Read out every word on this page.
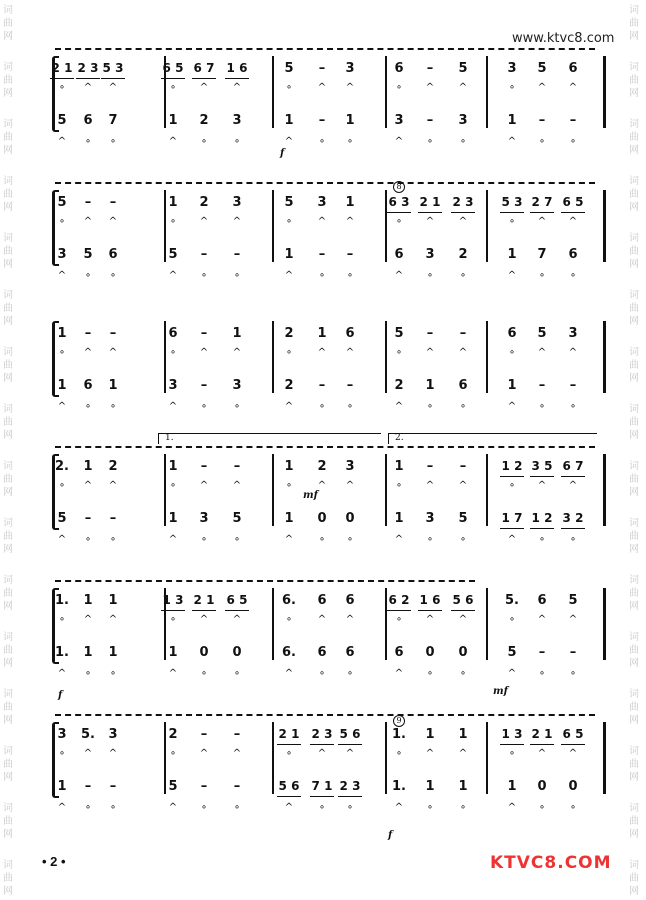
词
曲
网
词
曲
网
词
曲
网
词
曲
网
词
曲
网
词
曲
网
词
曲
网
词
曲
网
词
曲
网
词
曲
网
词
曲
网
词
曲
网
词
曲
网
词
曲
网
词
曲
网
词
曲
网
词
曲
网
词
曲
网
词
曲
网
词
曲
网
词
曲
网
词
曲
网
词
曲
网
词
曲
网
词
曲
网
词
曲
网
词
曲
网
词
曲
网
词
曲
网
词
曲
网
词
曲
网
词
曲
网
www.ktvc8.com
KTVC8.COM
• 2 •
8
9
1.	2.
f
mf
f	mf
f
2 1
∘
2 3
^
5 3
^
6 5
∘
6 7
^
1 6
^
5
∘
–
^
3
^
6
∘
–
^
5
^
3
∘
5
^
6
^
5
^
6
∘
7
∘
1
^
2
∘
3
∘
1
^
–
∘
1
∘
3
^
–
∘
3
∘
1
^
–
∘
–
∘
5
∘
–
^
–
^
1
∘
2
^
3
^
5
∘
3
^
1
^
6 3
∘
2 1
^
2 3
^
5 3
∘
2 7
^
6 5
^
3
^
5
∘
6
∘
5
^
–
∘
–
∘
1
^
–
∘
–
∘
6
^
3
∘
2
∘
1
^
7
∘
6
∘
1
∘
–
^
–
^
6
∘
–
^
1
^
2
∘
1
^
6
^
5
∘
–
^
–
^
6
∘
5
^
3
^
1
^
6
∘
1
∘
3
^
–
∘
3
∘
2
^
–
∘
–
∘
2
^
1
∘
6
∘
1
^
–
∘
–
∘
2.
∘
1
^
2
^
1
∘
–
^
–
^
1
∘
2
^
3
^
1
∘
–
^
–
^
1 2
∘
3 5
^
6 7
^
5
^
–
∘
–
∘
1
^
3
∘
5
∘
1
^
0
∘
0
∘
1
^
3
∘
5
∘
1 7
^
1 2
∘
3 2
∘
1.
∘
1
^
1
^
1 3
∘
2 1
^
6 5
^
6.
∘
6
^
6
^
6 2
∘
1 6
^
5 6
^
5.
∘
6
^
5
^
1.
^
1
∘
1
∘
1
^
0
∘
0
∘
6.
^
6
∘
6
∘
6
^
0
∘
0
∘
5
^
–
∘
–
∘
3
∘
5.
^
3
^
2
∘
–
^
–
^
2 1
∘
2 3
^
5 6
^
1.
∘
1
^
1
^
1 3
∘
2 1
^
6 5
^
1
^
–
∘
–
∘
5
^
–
∘
–
∘
5 6
^
7 1
∘
2 3
∘
1.
^
1
∘
1
∘
1
^
0
∘
0
∘
